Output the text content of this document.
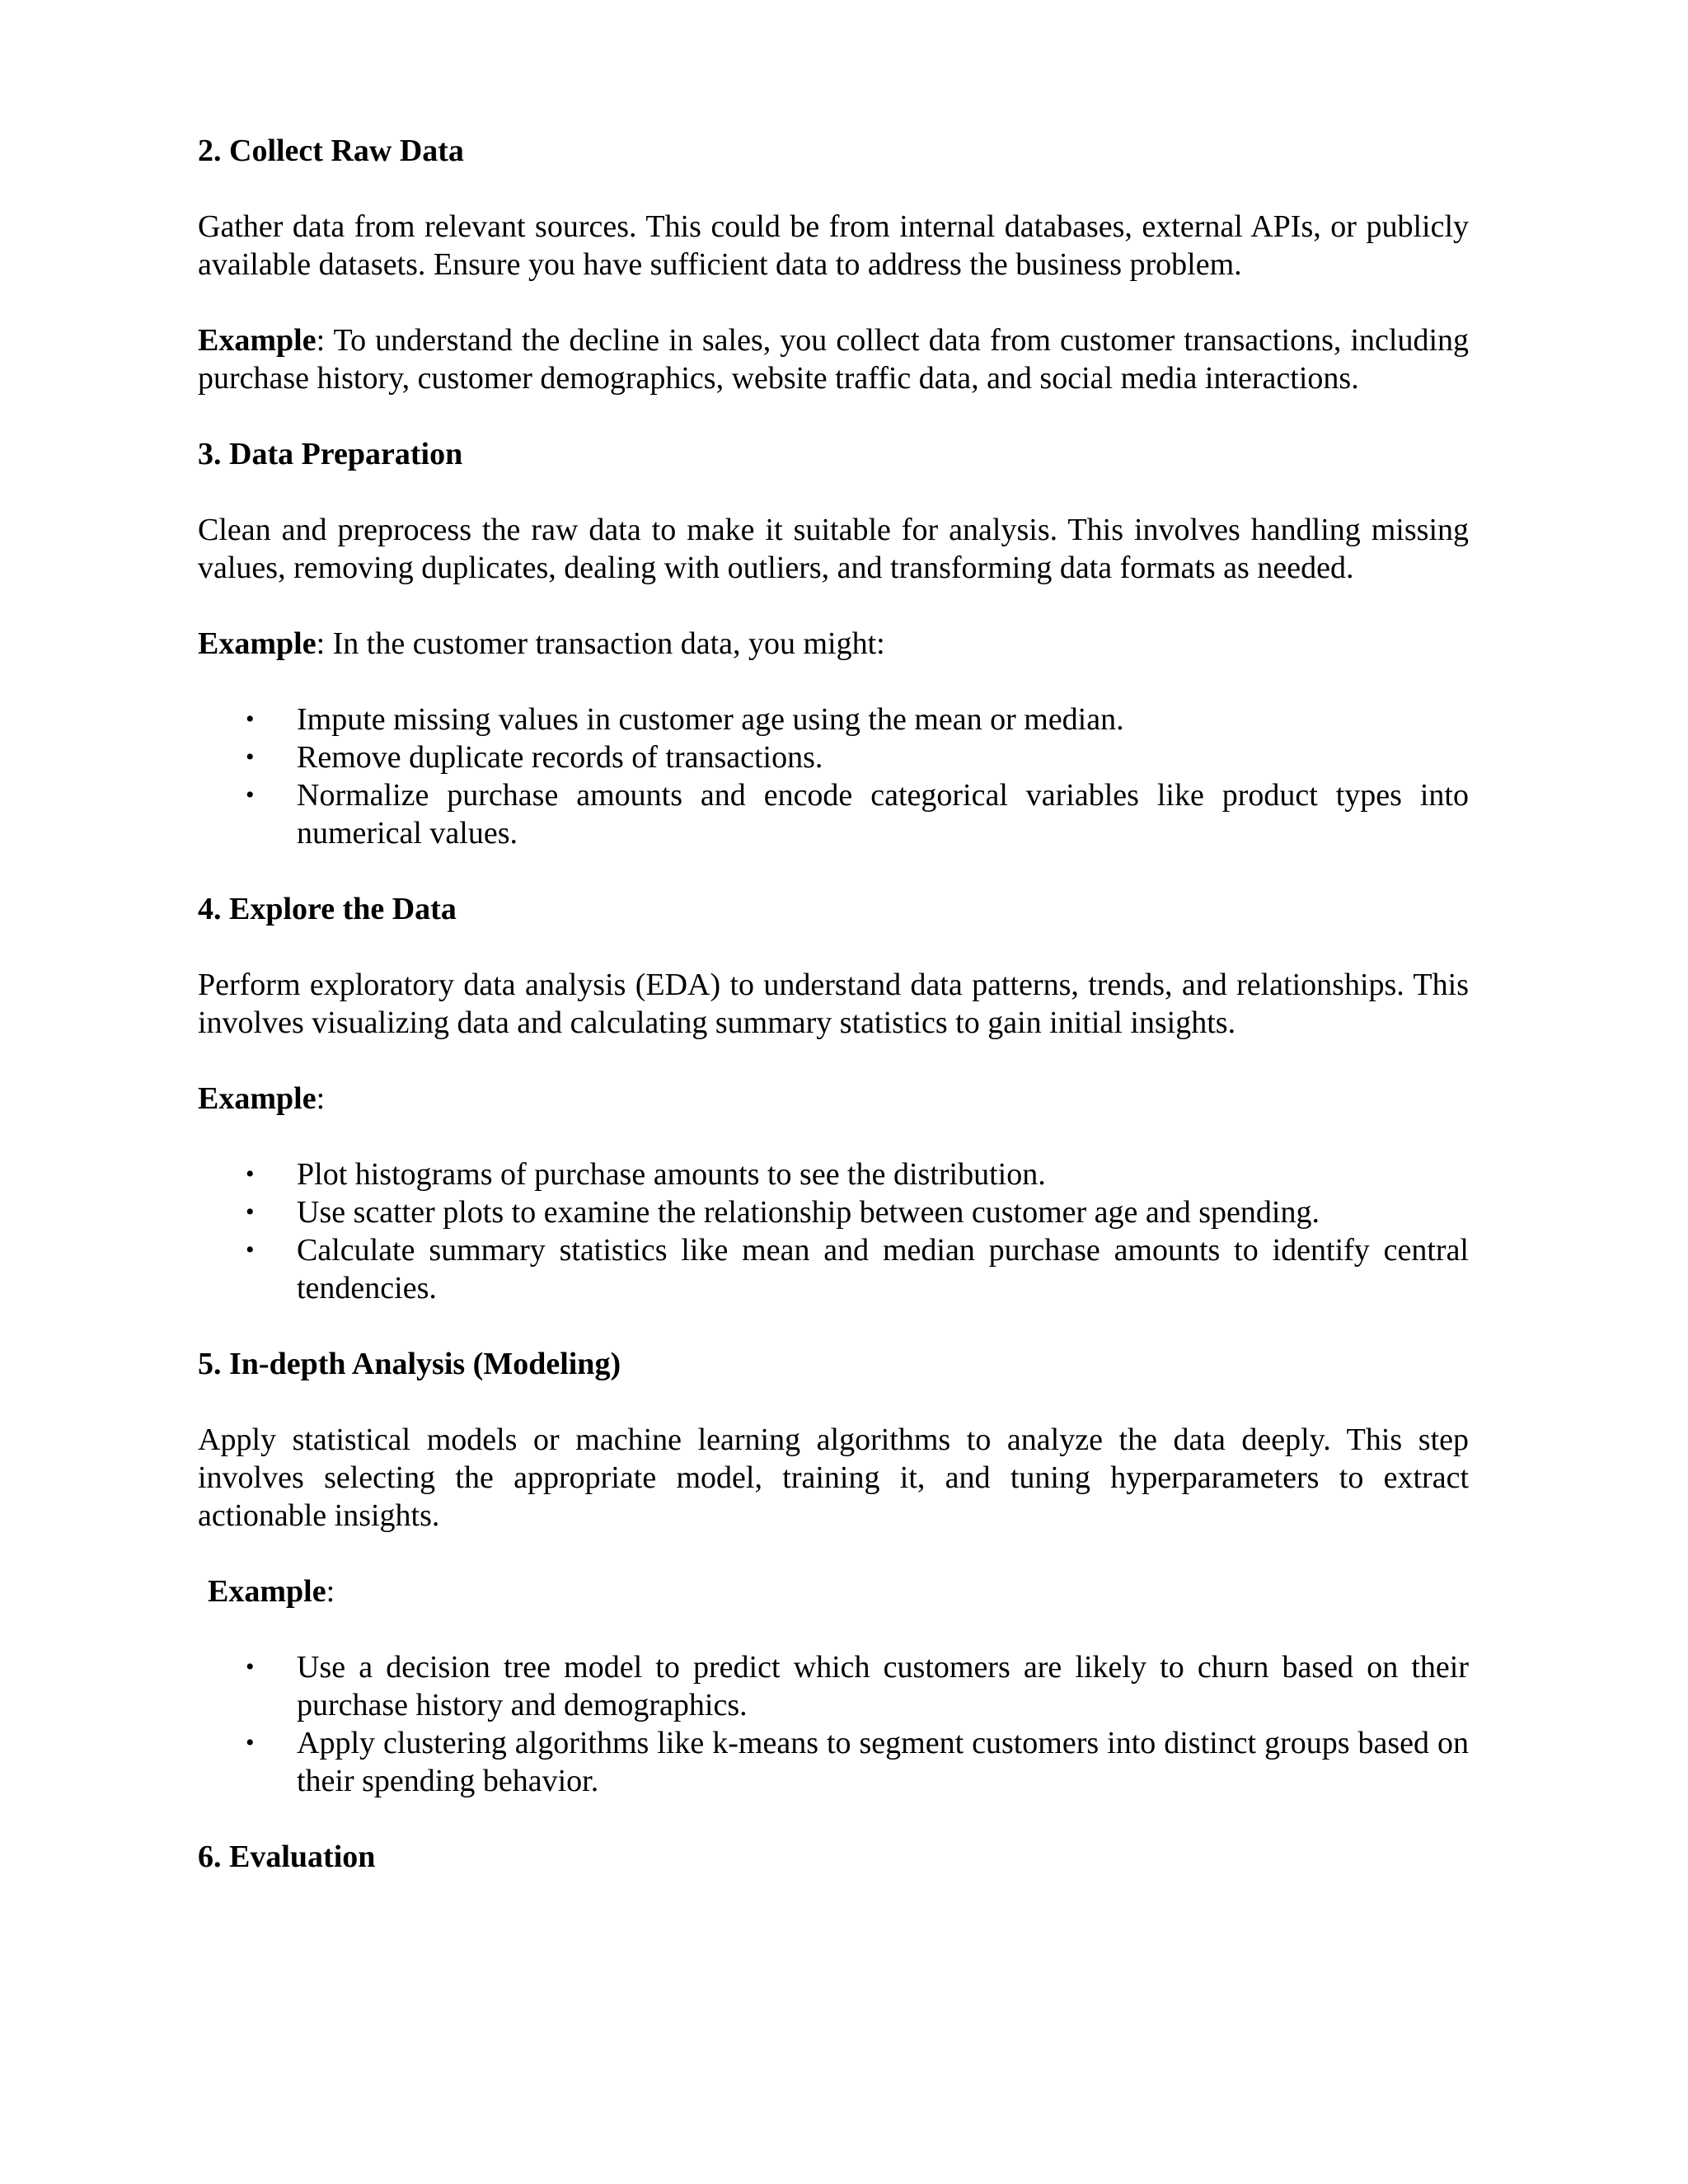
2. Collect Raw Data

Gather data from relevant sources. This could be from internal databases, external APIs, or publicly available datasets. Ensure you have sufficient data to address the business problem.

Example: To understand the decline in sales, you collect data from customer transactions, including purchase history, customer demographics, website traffic data, and social media interactions.

3. Data Preparation

Clean and preprocess the raw data to make it suitable for analysis. This involves handling missing values, removing duplicates, dealing with outliers, and transforming data formats as needed.

Example: In the customer transaction data, you might:

• Impute missing values in customer age using the mean or median.
• Remove duplicate records of transactions.
• Normalize purchase amounts and encode categorical variables like product types into numerical values.
4. Explore the Data

Perform exploratory data analysis (EDA) to understand data patterns, trends, and relationships. This involves visualizing data and calculating summary statistics to gain initial insights.

Example:

• Plot histograms of purchase amounts to see the distribution.
• Use scatter plots to examine the relationship between customer age and spending.
• Calculate summary statistics like mean and median purchase amounts to identify central tendencies.
5. In-depth Analysis (Modeling)

Apply statistical models or machine learning algorithms to analyze the data deeply. This step involves selecting the appropriate model, training it, and tuning hyperparameters to extract actionable insights.

Example:

• Use a decision tree model to predict which customers are likely to churn based on their purchase history and demographics.
• Apply clustering algorithms like k-means to segment customers into distinct groups based on their spending behavior.
6. Evaluation
